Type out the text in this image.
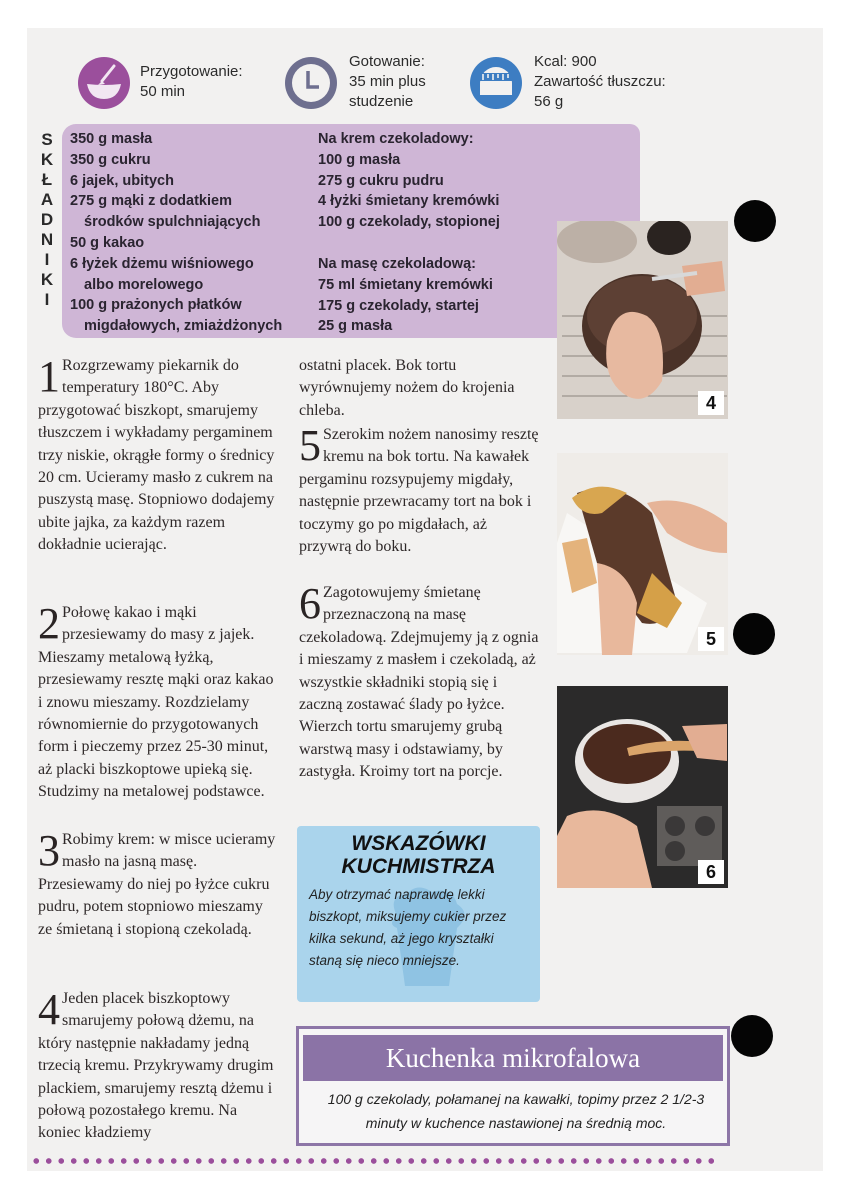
Przygotowanie:
50 min
Gotowanie:
35 min plus
studzenie
Kcal: 900
Zawartość tłuszczu:
56 g
SKŁADNIKI 350 g masła
350 g cukru
6 jajek, ubitych
275 g mąki z dodatkiem
środków spulchniających
50 g kakao
6 łyżek dżemu wiśniowego
albo morelowego
100 g prażonych płatków
migdałowych, zmiażdżonych
Na krem czekoladowy:
100 g masła
275 g cukru pudru
4 łyżki śmietany kremówki
100 g czekolady, stopionej
Na masę czekoladową:
75 ml śmietany kremówki
175 g czekolady, startej
25 g masła
4
5
6
1 Rozgrzewamy piekarnik do temperatury 180°C. Aby przygotować biszkopt, smarujemy tłuszczem i wykładamy pergaminem trzy niskie, okrągłe formy o średnicy 20 cm. Ucieramy masło z cukrem na puszystą masę. Stopniowo dodajemy ubite jajka, za każdym razem dokładnie ucierając.

2 Połowę kakao i mąki przesiewamy do masy z jajek. Mieszamy metalową łyżką, przesiewamy resztę mąki oraz kakao i znowu mieszamy. Rozdzielamy równomiernie do przygotowanych form i pieczemy przez 25-30 minut, aż placki biszkoptowe upieką się. Studzimy na metalowej podstawce.

3 Robimy krem: w misce ucieramy masło na jasną masę. Przesiewamy do niej po łyżce cukru pudru, potem stopniowo mieszamy ze śmietaną i stopioną czekoladą.

4 Jeden placek biszkoptowy smarujemy połową dżemu, na który następnie nakładamy jedną trzecią kremu. Przykrywamy drugim plackiem, smarujemy resztą dżemu i połową pozostałego kremu. Na koniec kładziemy

ostatni placek. Bok tortu wyrównujemy nożem do krojenia chleba.

5 Szerokim nożem nanosimy resztę kremu na bok tortu. Na kawałek pergaminu rozsypujemy migdały, następnie przewracamy tort na bok i toczymy go po migdałach, aż przywrą do boku.

6 Zagotowujemy śmietanę przeznaczoną na masę czekoladową. Zdejmujemy ją z ognia i mieszamy z masłem i czekoladą, aż wszystkie składniki stopią się i zaczną zostawać ślady po łyżce. Wierzch tortu smarujemy grubą warstwą masy i odstawiamy, by zastygła. Kroimy tort na porcje.

WSKAZÓWKI
KUCHMISTRZA
Aby otrzymać naprawdę lekki biszkopt, miksujemy cukier przez kilka sekund, aż jego kryształki staną się nieco mniejsze.
Kuchenka mikrofalowa
100 g czekolady, połamanej na kawałki, topimy przez 2 1/2-3 minuty w kuchence nastawionej na średnią moc.
